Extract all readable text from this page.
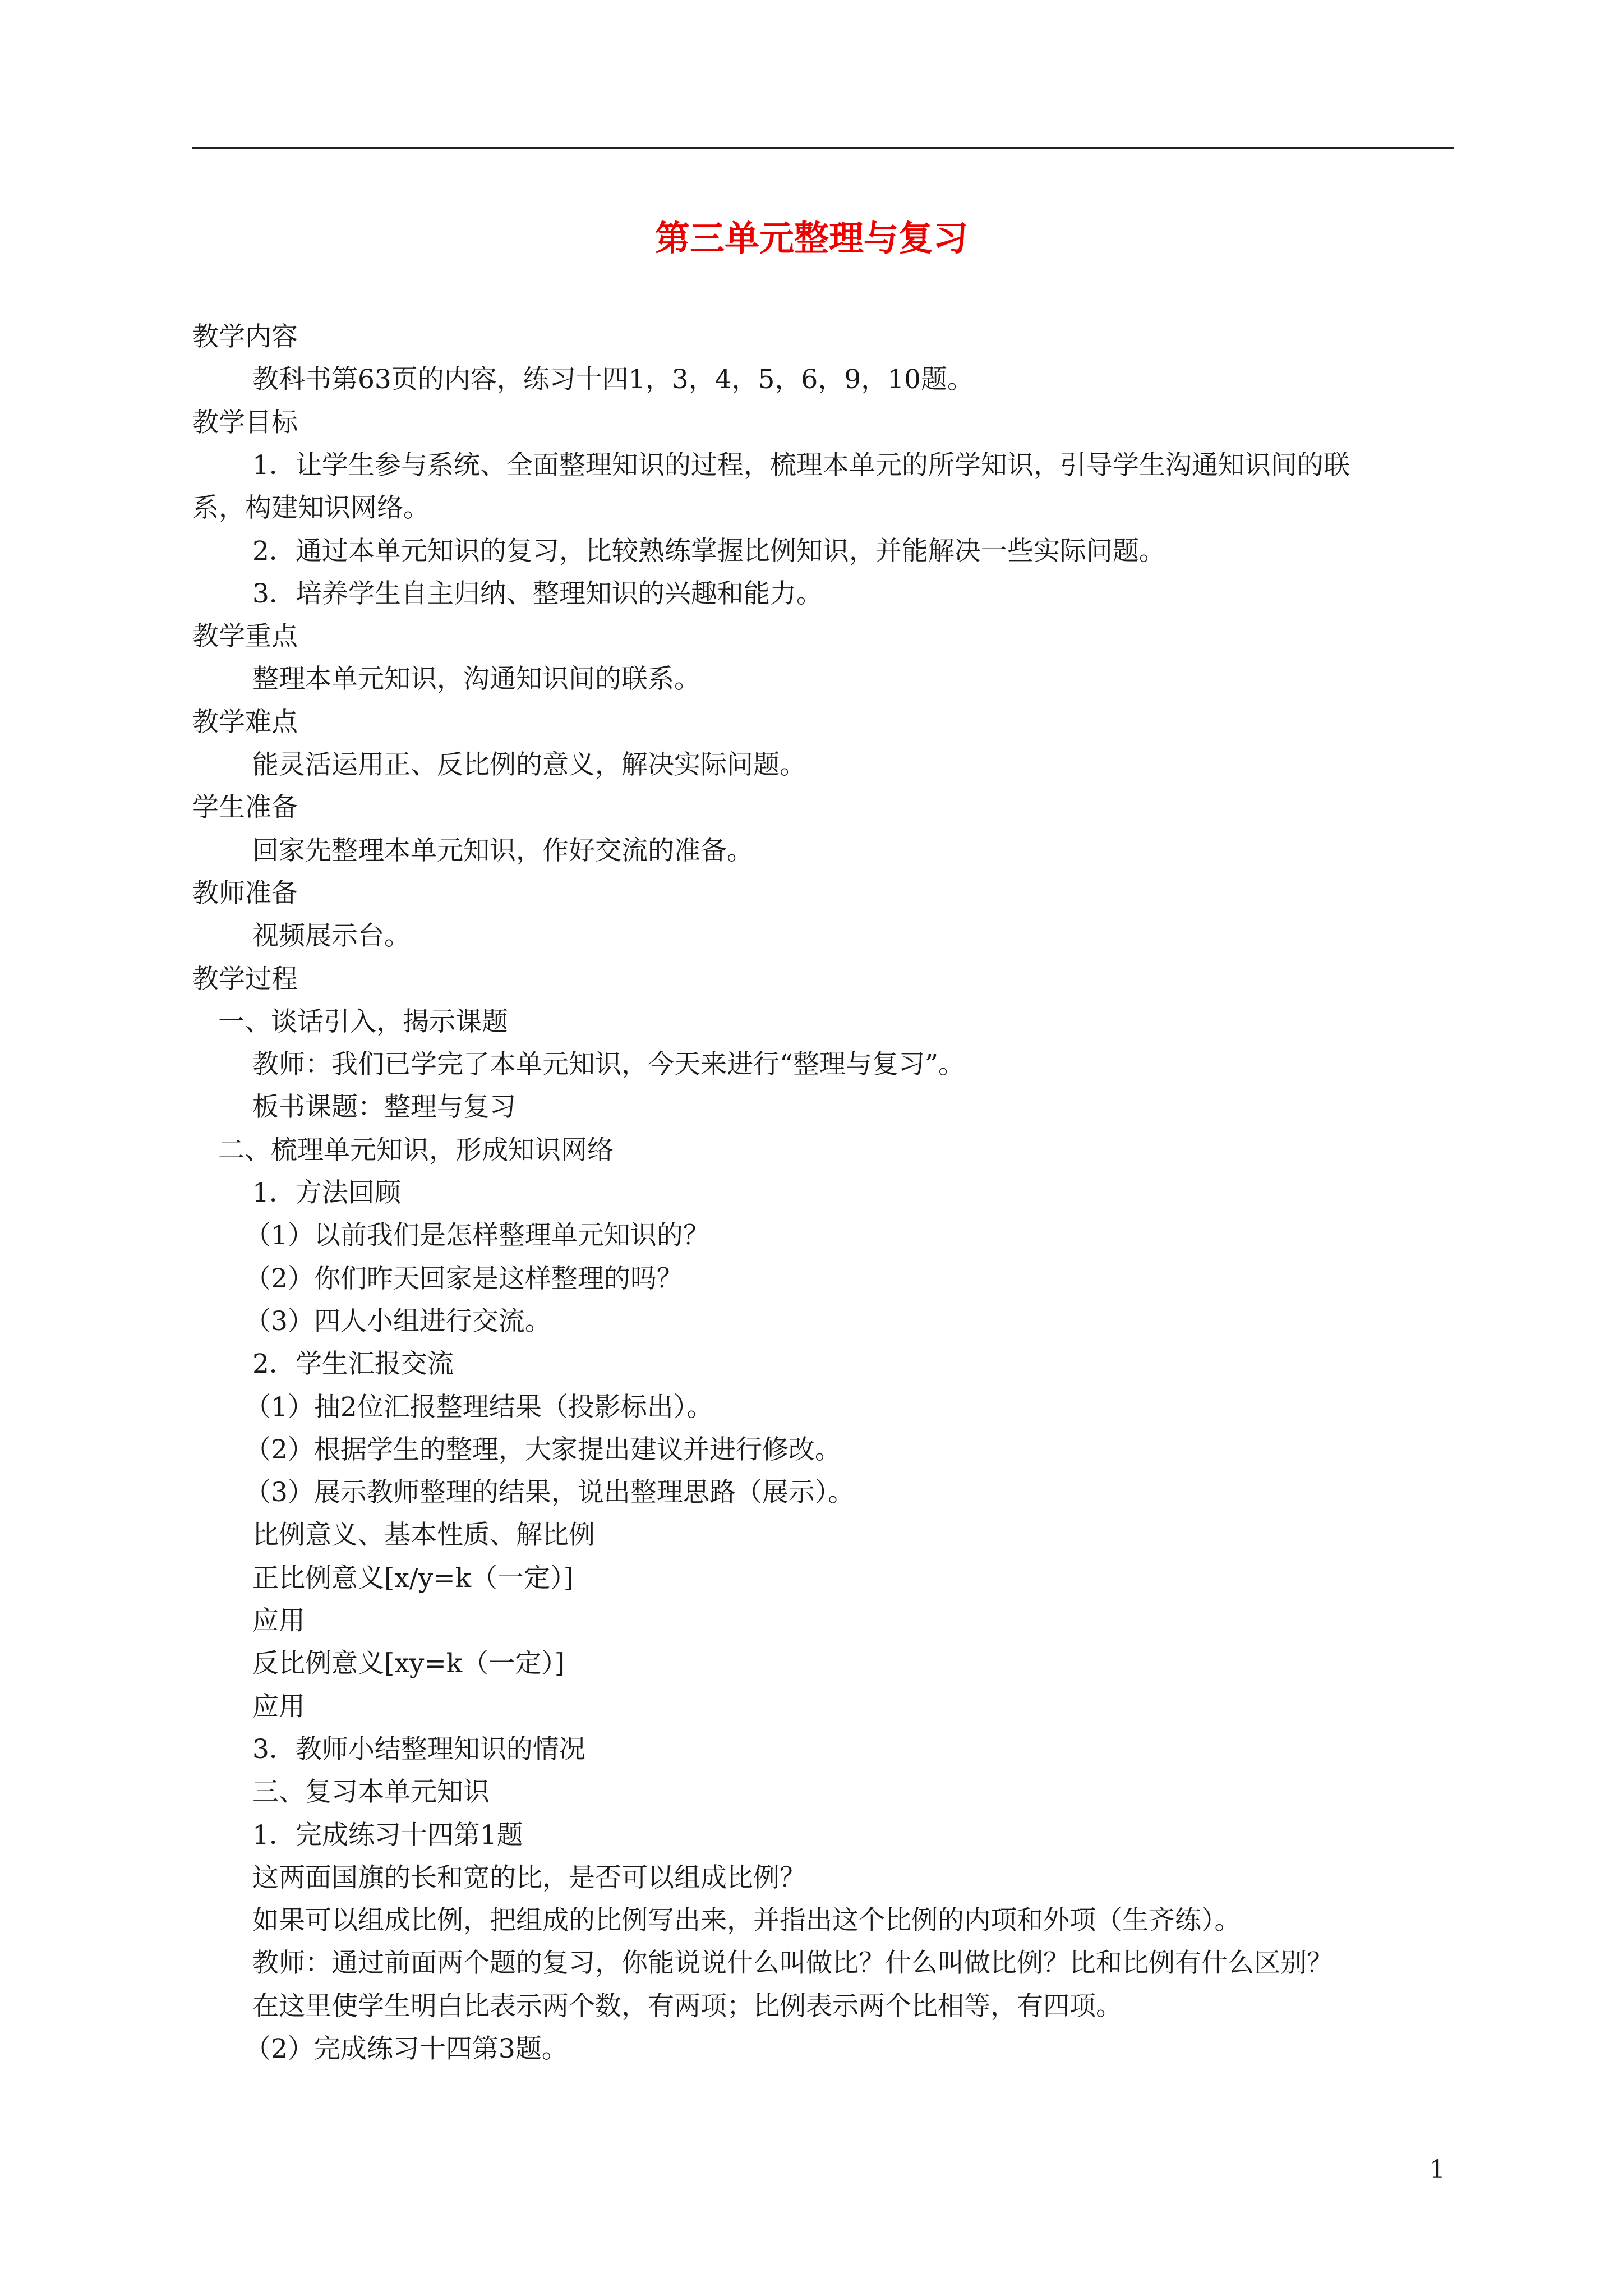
第三单元整理与复习
教学内容
教科书第63页的内容，练习十四1，3，4，5，6，9，10题。
教学目标
1．让学生参与系统、全面整理知识的过程，梳理本单元的所学知识，引导学生沟通知识间的联
系，构建知识网络。
2．通过本单元知识的复习，比较熟练掌握比例知识，并能解决一些实际问题。
3．培养学生自主归纳、整理知识的兴趣和能力。
教学重点
整理本单元知识，沟通知识间的联系。
教学难点
能灵活运用正、反比例的意义，解决实际问题。
学生准备
回家先整理本单元知识，作好交流的准备。
教师准备
视频展示台。
教学过程
一、谈话引入，揭示课题
教师：我们已学完了本单元知识，今天来进行“整理与复习”。
板书课题：整理与复习
二、梳理单元知识，形成知识网络
1．方法回顾
（1）以前我们是怎样整理单元知识的？
（2）你们昨天回家是这样整理的吗？
（3）四人小组进行交流。
2．学生汇报交流
（1）抽2位汇报整理结果（投影标出）。
（2）根据学生的整理，大家提出建议并进行修改。
（3）展示教师整理的结果，说出整理思路（展示）。
比例意义、基本性质、解比例
正比例意义[x/y=k（一定）]
应用
反比例意义[xy=k（一定）]
应用
3．教师小结整理知识的情况
三、复习本单元知识
1．完成练习十四第1题
这两面国旗的长和宽的比，是否可以组成比例？
如果可以组成比例，把组成的比例写出来，并指出这个比例的内项和外项（生齐练）。
教师：通过前面两个题的复习，你能说说什么叫做比？什么叫做比例？比和比例有什么区别？
在这里使学生明白比表示两个数，有两项；比例表示两个比相等，有四项。
（2）完成练习十四第3题。
1
